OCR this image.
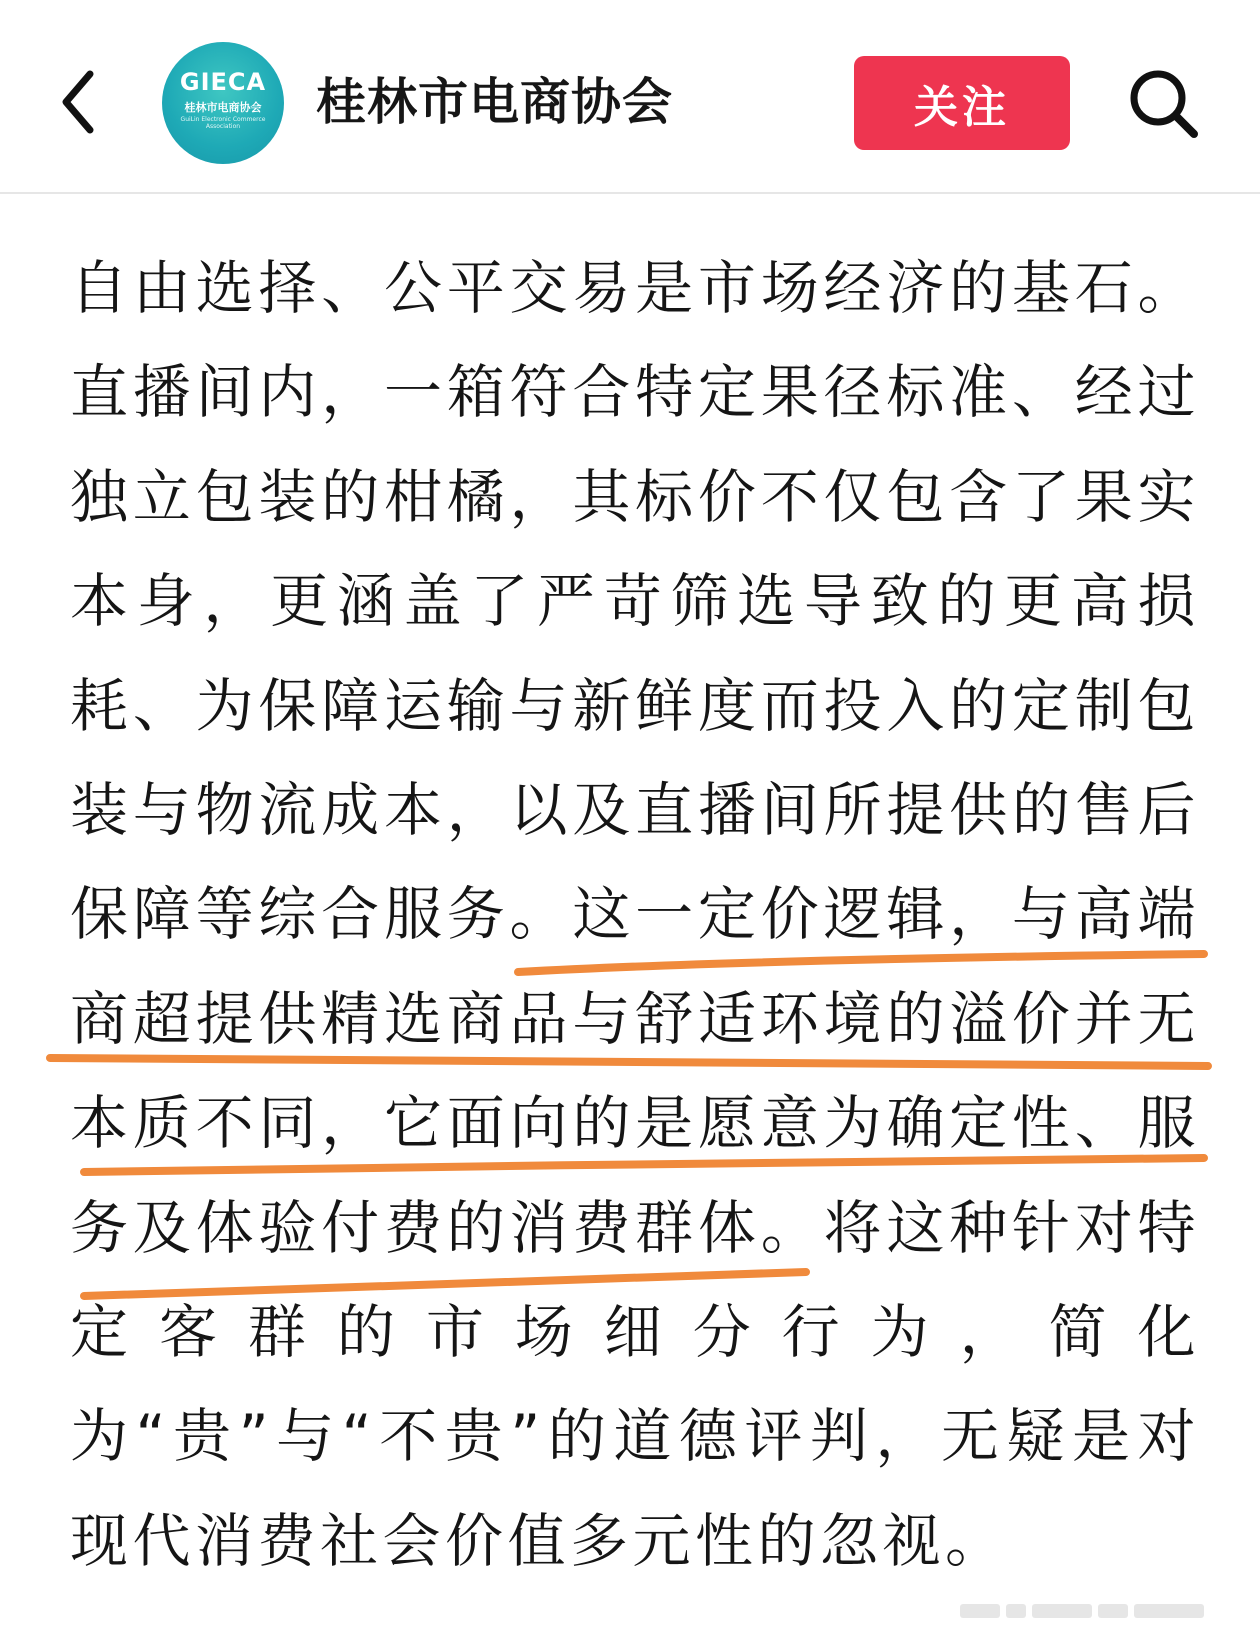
GIECA
桂林市电商协会
GuiLin Electronic Commerce Association	桂林市电商协会	关注

自由选择、公平交易是市场经济的基石。直播间内，一箱符合特定果径标准、经过独立包装的柑橘，其标价不仅包含了果实本身，更涵盖了严苛筛选导致的更高损耗、为保障运输与新鲜度而投入的定制包装与物流成本，以及直播间所提供的售后保障等综合服务。这一定价逻辑，与高端商超提供精选商品与舒适环境的溢价并无本质不同，它面向的是愿意为确定性、服务及体验付费的消费群体。将这种针对特定客群的市场细分行为，简化为“贵”与“不贵”的道德评判，无疑是对现代消费社会价值多元性的忽视。
